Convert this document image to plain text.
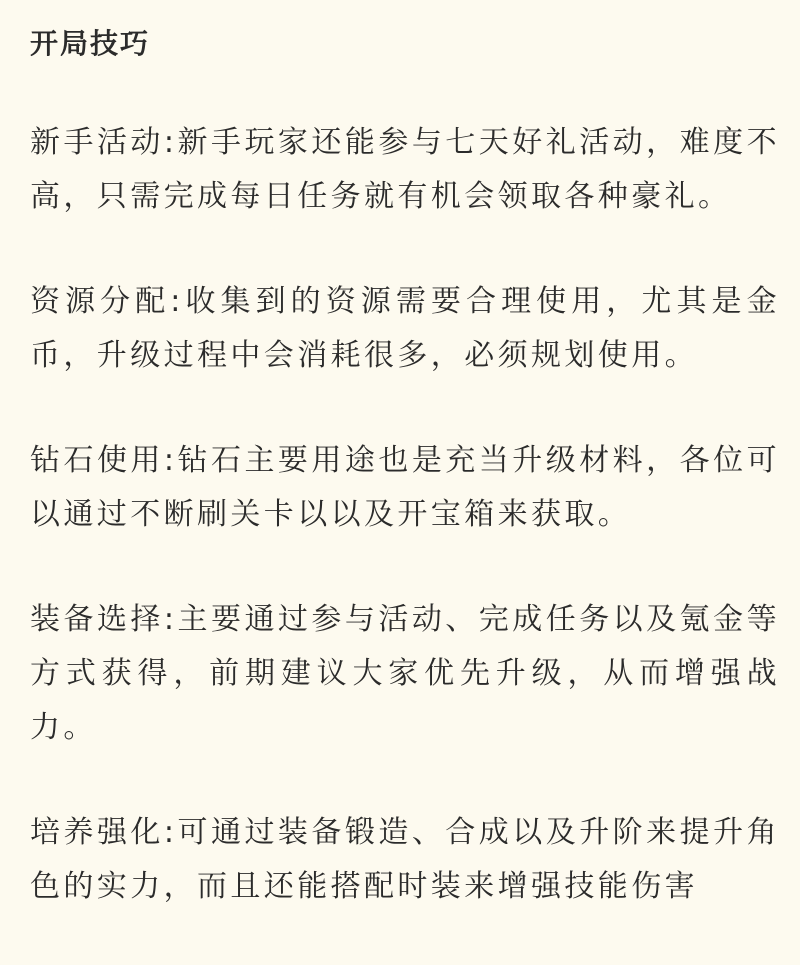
开局技巧

新手活动:新手玩家还能参与七天好礼活动，难度不高，只需完成每日任务就有机会领取各种豪礼。

资源分配:收集到的资源需要合理使用，尤其是金币，升级过程中会消耗很多，必须规划使用。

钻石使用:钻石主要用途也是充当升级材料，各位可以通过不断刷关卡以以及开宝箱来获取。

装备选择:主要通过参与活动、完成任务以及氪金等方式获得，前期建议大家优先升级，从而增强战力。

培养强化:可通过装备锻造、合成以及升阶来提升角色的实力，而且还能搭配时装来增强技能伤害
